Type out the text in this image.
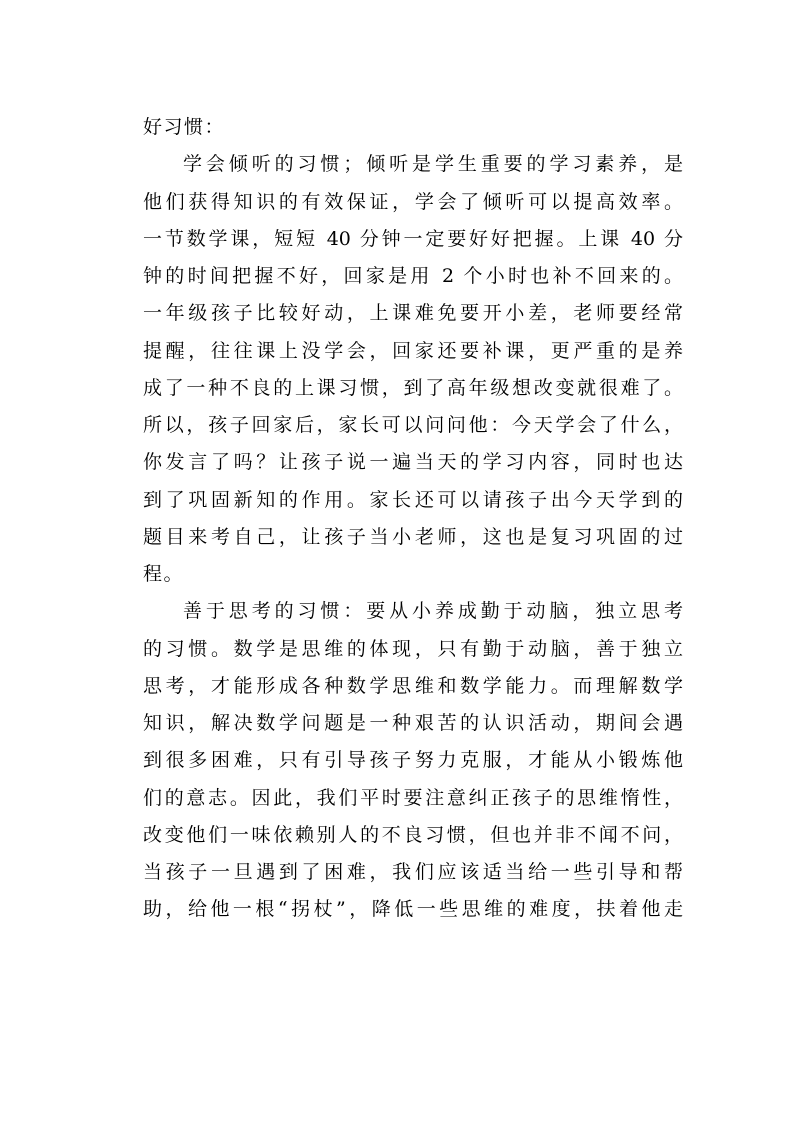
好习惯：
学会倾听的习惯；倾听是学生重要的学习素养，是
他们获得知识的有效保证，学会了倾听可以提高效率。
一节数学课，短短 40 分钟一定要好好把握。上课 40 分
钟的时间把握不好，回家是用 2 个小时也补不回来的。
一年级孩子比较好动，上课难免要开小差，老师要经常
提醒，往往课上没学会，回家还要补课，更严重的是养
成了一种不良的上课习惯，到了高年级想改变就很难了。
所以，孩子回家后，家长可以问问他：今天学会了什么，
你发言了吗？让孩子说一遍当天的学习内容，同时也达
到了巩固新知的作用。家长还可以请孩子出今天学到的
题目来考自己，让孩子当小老师，这也是复习巩固的过
程。
善于思考的习惯：要从小养成勤于动脑，独立思考
的习惯。数学是思维的体现，只有勤于动脑，善于独立
思考，才能形成各种数学思维和数学能力。而理解数学
知识，解决数学问题是一种艰苦的认识活动，期间会遇
到很多困难，只有引导孩子努力克服，才能从小锻炼他
们的意志。因此，我们平时要注意纠正孩子的思维惰性，
改变他们一味依赖别人的不良习惯，但也并非不闻不问，
当孩子一旦遇到了困难，我们应该适当给一些引导和帮
助，给他一根“拐杖”，降低一些思维的难度，扶着他走
